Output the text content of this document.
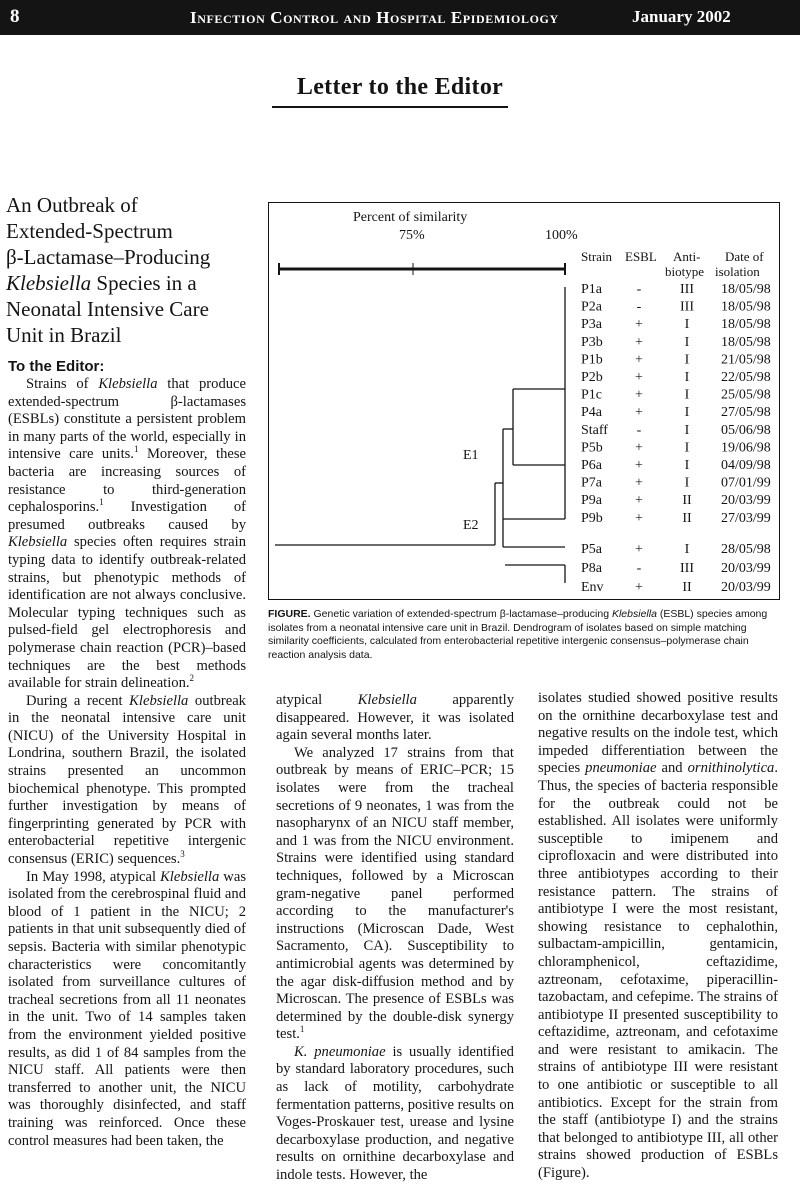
8	Infection Control and Hospital Epidemiology	January 2002
Letter to the Editor
An Outbreak of
Extended-Spectrum
β-Lactamase–Producing
Klebsiella Species in a
Neonatal Intensive Care
Unit in Brazil
To the Editor:

Strains of Klebsiella that produce extended-spectrum β-lactamases (ESBLs) constitute a persistent problem in many parts of the world, especially in intensive care units.$^1$ Moreover, these bacteria are increasing sources of resistance to third-generation cephalosporins.$^1$ Investigation of presumed outbreaks caused by Klebsiella species often requires strain typing data to identify outbreak-related strains, but phenotypic methods of identification are not always conclusive. Molecular typing techniques such as pulsed-field gel electrophoresis and polymerase chain reaction (PCR)–based techniques are the best methods available for strain delineation.$^2$

During a recent Klebsiella outbreak in the neonatal intensive care unit (NICU) of the University Hospital in Londrina, southern Brazil, the isolated strains presented an uncommon biochemical phenotype. This prompted further investigation by means of fingerprinting generated by PCR with enterobacterial repetitive intergenic consensus (ERIC) sequences.$^3$

In May 1998, atypical Klebsiella was isolated from the cerebrospinal fluid and blood of 1 patient in the NICU; 2 patients in that unit subsequently died of sepsis. Bacteria with similar phenotypic characteristics were concomitantly isolated from surveillance cultures of tracheal secretions from all 11 neonates in the unit. Two of 14 samples taken from the environment yielded positive results, as did 1 of 84 samples from the NICU staff. All patients were then transferred to another unit, the NICU was thoroughly disinfected, and staff training was reinforced. Once these control measures had been taken, the

atypical Klebsiella apparently disappeared. However, it was isolated again several months later.

We analyzed 17 strains from that outbreak by means of ERIC–PCR; 15 isolates were from the tracheal secretions of 9 neonates, 1 was from the nasopharynx of an NICU staff member, and 1 was from the NICU environment. Strains were identified using standard techniques, followed by a Microscan gram-negative panel performed according to the manufacturer's instructions (Microscan Dade, West Sacramento, CA). Susceptibility to antimicrobial agents was determined by the agar disk-diffusion method and by Microscan. The presence of ESBLs was determined by the double-disk synergy test.$^1$

K. pneumoniae is usually identified by standard laboratory procedures, such as lack of motility, carbohydrate fermentation patterns, positive results on Voges-Proskauer test, urease and lysine decarboxylase production, and negative results on ornithine decarboxylase and indole tests. However, the

isolates studied showed positive results on the ornithine decarboxylase test and negative results on the indole test, which impeded differentiation between the species pneumoniae and ornithinolytica. Thus, the species of bacteria responsible for the outbreak could not be established. All isolates were uniformly susceptible to imipenem and ciprofloxacin and were distributed into three antibiotypes according to their resistance pattern. The strains of antibiotype I were the most resistant, showing resistance to cephalothin, sulbactam-ampicillin, gentamicin, chloramphenicol, ceftazidime, aztreonam, cefotaxime, piperacillin-tazobactam, and cefepime. The strains of antibiotype II presented susceptibility to ceftazidime, aztreonam, and cefotaxime and were resistant to amikacin. The strains of antibiotype III were resistant to one antibiotic or susceptible to all antibiotics. Except for the strain from the staff (antibiotype I) and the strains that belonged to antibiotype III, all other strains showed production of ESBLs (Figure).

Percent of similarity
75%	100%
Strain ESBL Anti-
biotype
Date of
isolation
E1
E2
P1a -	III 18/05/98
P2a -	III 18/05/98
P3a +	I 18/05/98
P3b +	I 18/05/98
P1b +	I 21/05/98
P2b +	I 22/05/98
P1c +	I 25/05/98
P4a +	I 27/05/98
Staff -	I 05/06/98
P5b +	I 19/06/98
P6a +	I 04/09/98
P7a +	I 07/01/99
P9a +	II 20/03/99
P9b +	II 27/03/99
P5a +	I 28/05/98
P8a -	III 20/03/99
Env +	II 20/03/99
FIGURE. Genetic variation of extended-spectrum β-lactamase–producing Klebsiella (ESBL) species among isolates from a neonatal intensive care unit in Brazil. Dendrogram of isolates based on simple matching similarity coefficients, calculated from enterobacterial repetitive intergenic consensus–polymerase chain reaction analysis data.
